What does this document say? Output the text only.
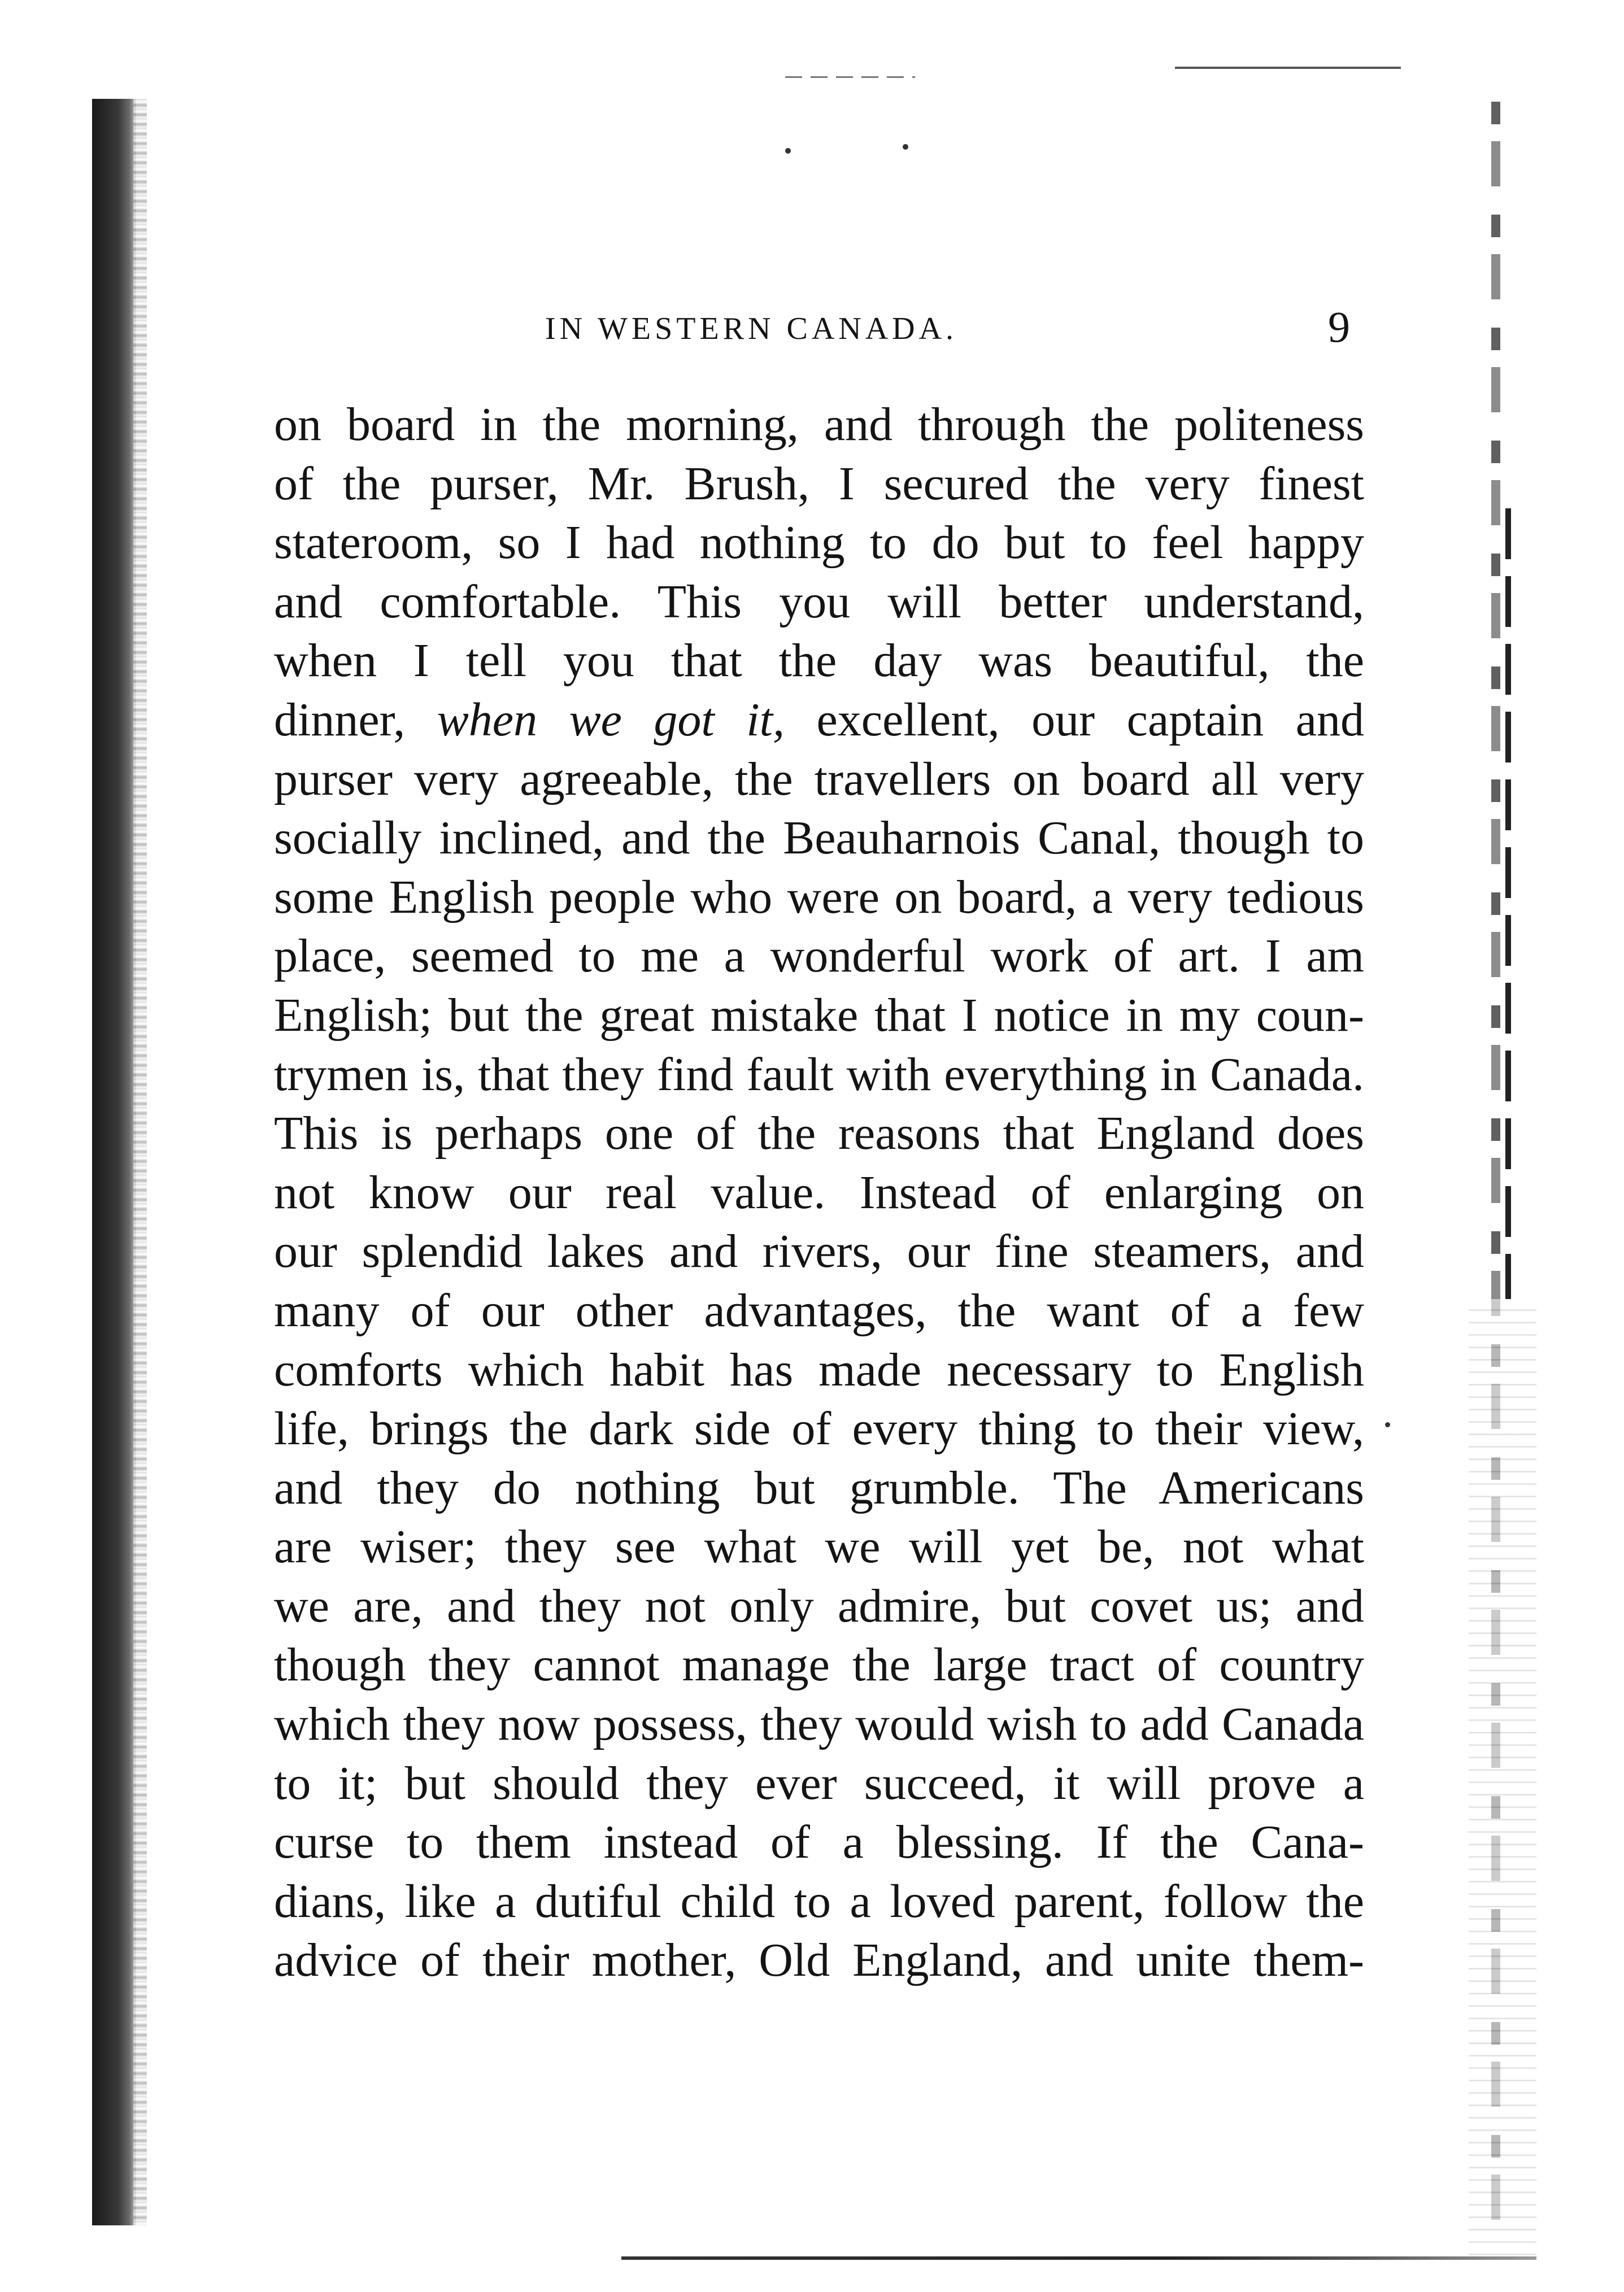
IN WESTERN CANADA.	9
on board in the morning, and through the politeness
of the purser, Mr. Brush, I secured the very finest
stateroom, so I had nothing to do but to feel happy
and comfortable. This you will better understand,
when I tell you that the day was beautiful, the
dinner, when we got it, excellent, our captain and
purser very agreeable, the travellers on board all very
socially inclined, and the Beauharnois Canal, though to
some English people who were on board, a very tedious
place, seemed to me a wonderful work of art. I am
English; but the great mistake that I notice in my coun-
trymen is, that they find fault with everything in Canada.
This is perhaps one of the reasons that England does
not know our real value. Instead of enlarging on
our splendid lakes and rivers, our fine steamers, and
many of our other advantages, the want of a few
comforts which habit has made necessary to English
life, brings the dark side of every thing to their view,
and they do nothing but grumble. The Americans
are wiser; they see what we will yet be, not what
we are, and they not only admire, but covet us; and
though they cannot manage the large tract of country
which they now possess, they would wish to add Canada
to it; but should they ever succeed, it will prove a
curse to them instead of a blessing. If the Cana-
dians, like a dutiful child to a loved parent, follow the
advice of their mother, Old England, and unite them-
